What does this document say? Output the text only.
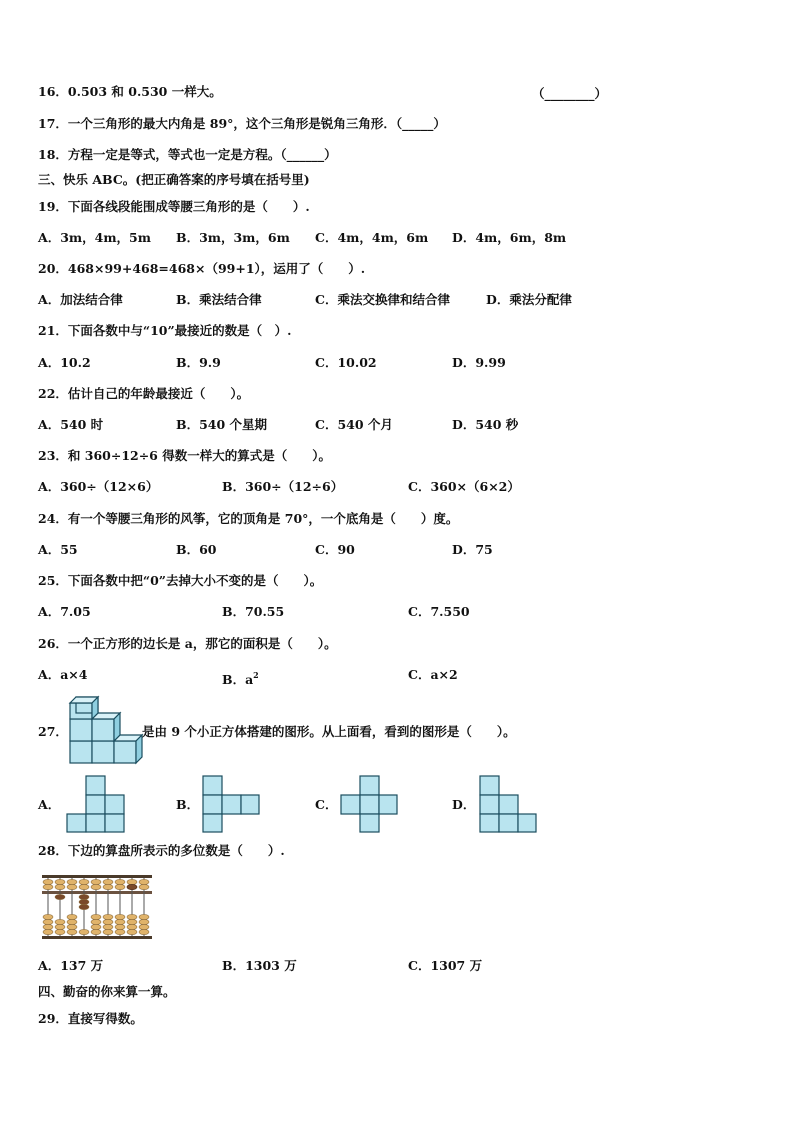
16．0.503 和 0.530 一样大。	（________）
17．一个三角形的最大内角是 89°，这个三角形是锐角三角形．（_____）
18．方程一定是等式，等式也一定是方程。（______）
三、快乐 ABC。(把正确答案的序号填在括号里)
19．下面各线段能围成等腰三角形的是（　　）.
A．3m，4m，5m B．3m，3m，6m C．4m，4m，6m D．4m，6m，8m
20．468×99+468=468×（99+1），运用了（　　）.
A．加法结合律	B．乘法结合律	C．乘法交换律和结合律	D．乘法分配律
21．下面各数中与“10”最接近的数是（　）.
A．10.2	B．9.9	C．10.02	D．9.99
22．估计自己的年龄最接近（　　）。
A．540 时	B．540 个星期	C．540 个月	D．540 秒
23．和 360÷12÷6 得数一样大的算式是（　　）。
A．360÷（12×6）	B．360÷（12÷6）	C．360×（6×2）
24．有一个等腰三角形的风筝，它的顶角是 70°，一个底角是（　　）度。
A．55	B．60	C．90	D．75
25．下面各数中把“0”去掉大小不变的是（　　）。
A．7.05	B．70.55	C．7.550
26．一个正方形的边长是 a，那它的面积是（　　）。
A．a×4	B．$a^2$	C．a×2
27．	是由 9 个小正方体搭建的图形。从上面看，看到的图形是（　　）。
A．	B．	C．	D．
28．下边的算盘所表示的多位数是（　　）.
A．137 万	B．1303 万	C．1307 万
四、勤奋的你来算一算。
29．直接写得数。
